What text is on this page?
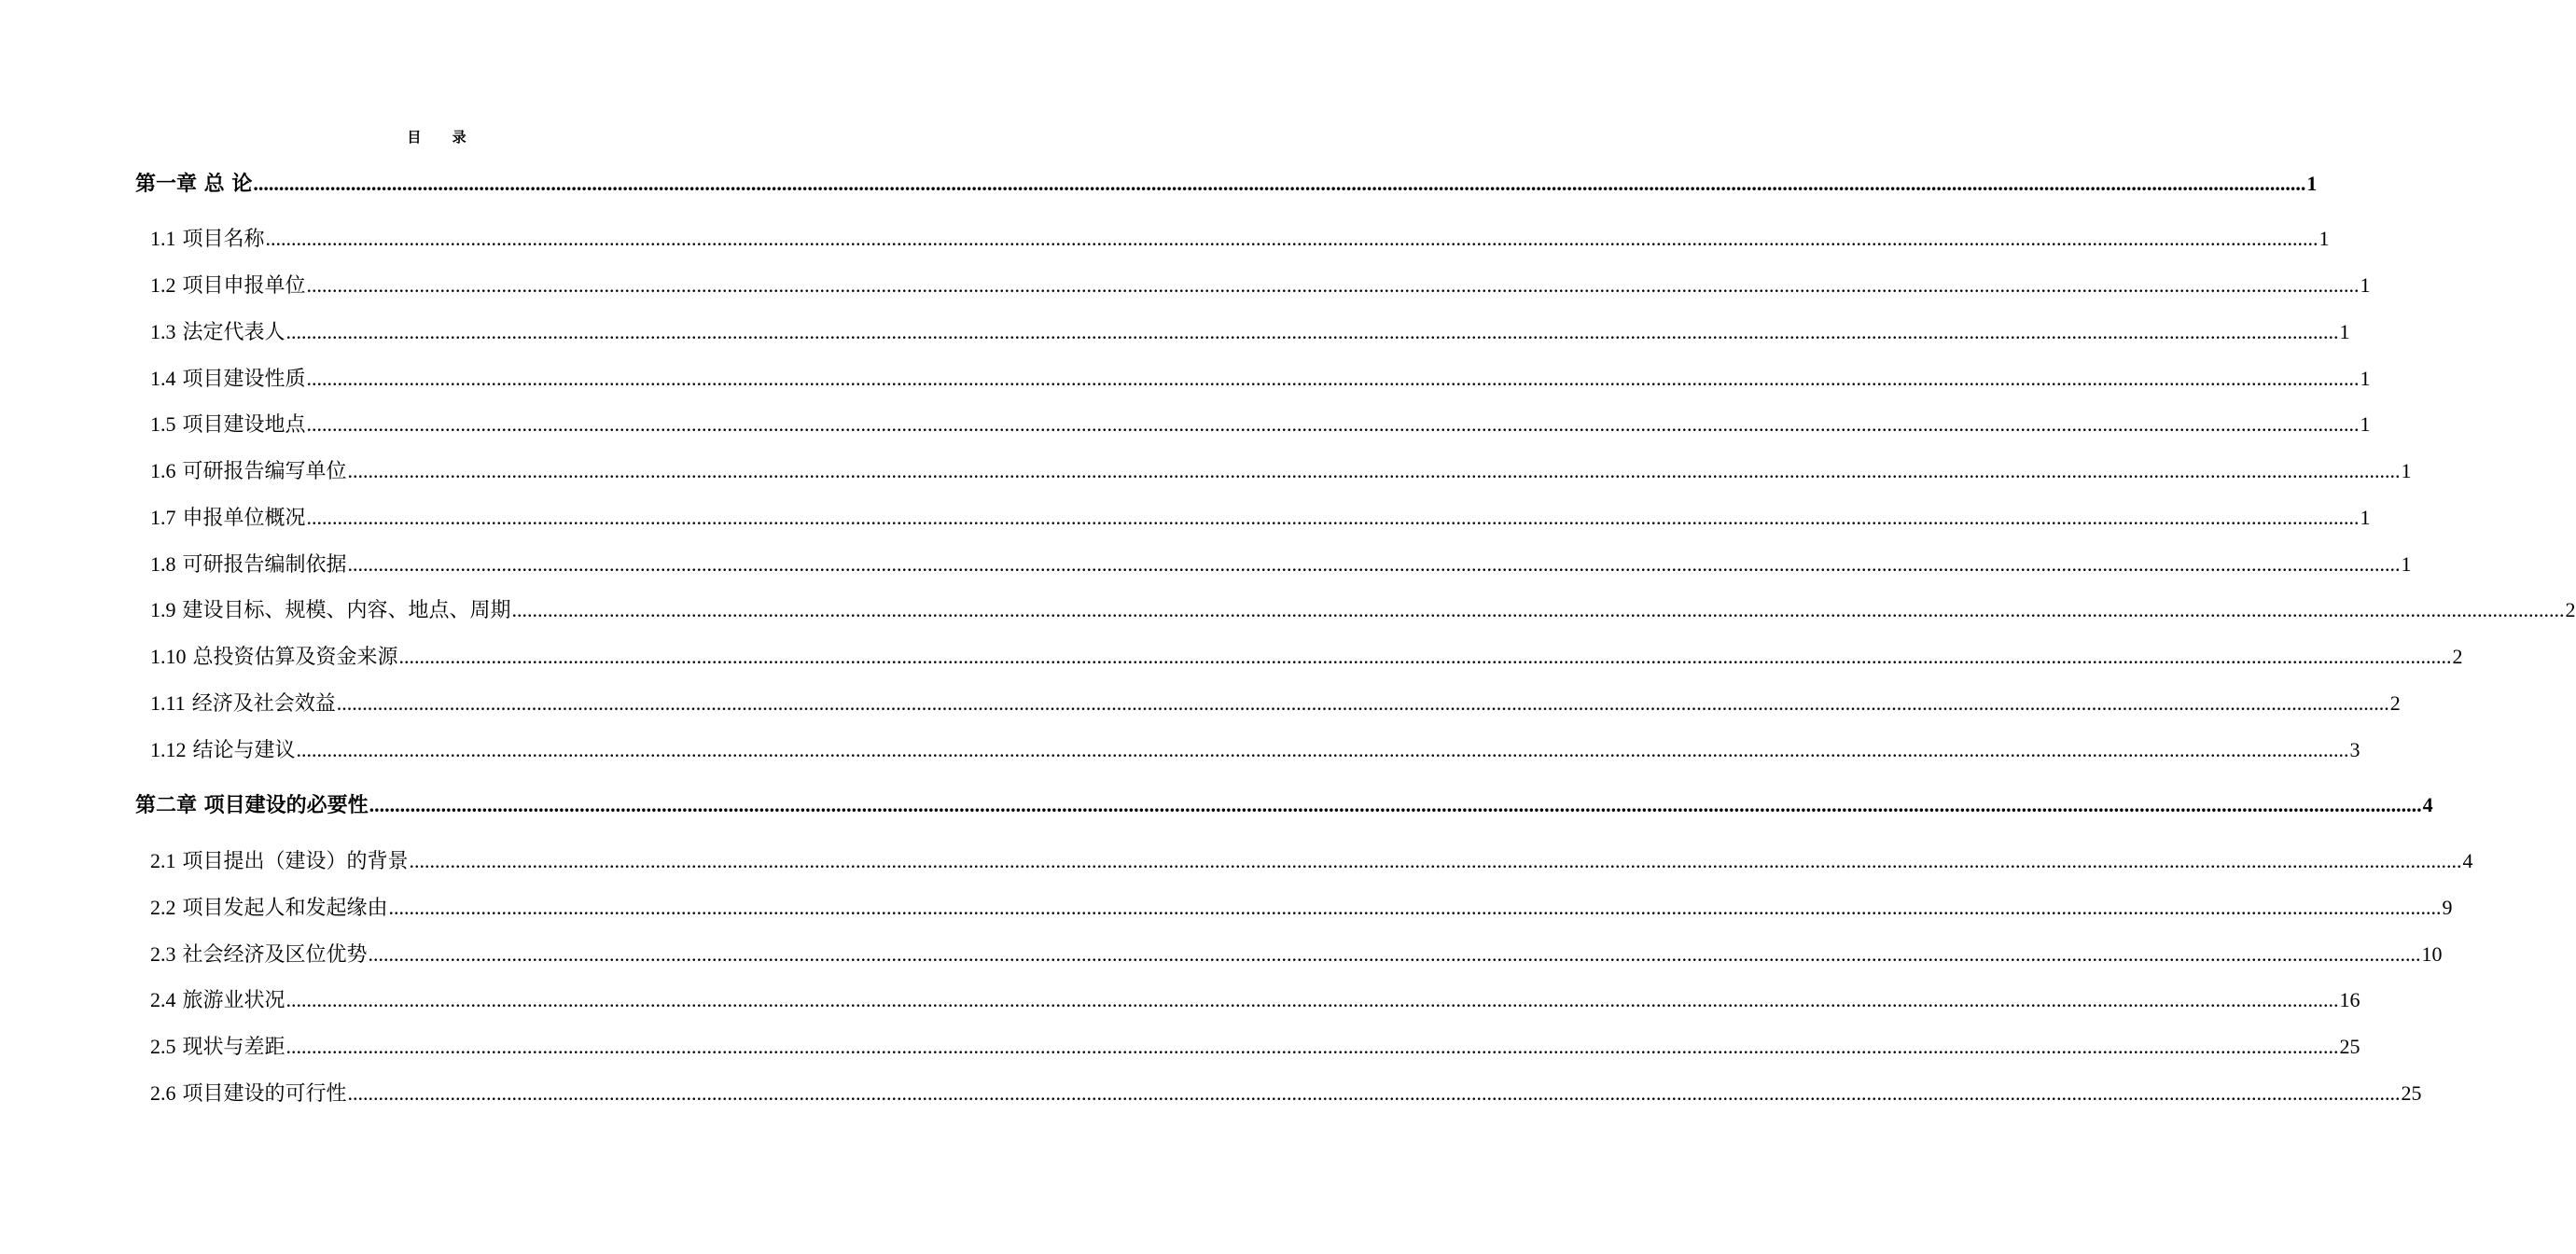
目 录
第一章 总 论 ................................................................................................................................................................................................................................................................................................................................................................................................................ 1
1.1 项目名称 ................................................................................................................................................................................................................................................................................................................................................................................................................ 1
1.2 项目申报单位 ................................................................................................................................................................................................................................................................................................................................................................................................................ 1
1.3 法定代表人 ................................................................................................................................................................................................................................................................................................................................................................................................................ 1
1.4 项目建设性质 ................................................................................................................................................................................................................................................................................................................................................................................................................ 1
1.5 项目建设地点 ................................................................................................................................................................................................................................................................................................................................................................................................................ 1
1.6 可研报告编写单位 ................................................................................................................................................................................................................................................................................................................................................................................................................ 1
1.7 申报单位概况 ................................................................................................................................................................................................................................................................................................................................................................................................................ 1
1.8 可研报告编制依据 ................................................................................................................................................................................................................................................................................................................................................................................................................ 1
1.9 建设目标、规模、内容、地点、周期 ................................................................................................................................................................................................................................................................................................................................................................................................................ 2
1.10 总投资估算及资金来源 ................................................................................................................................................................................................................................................................................................................................................................................................................ 2
1.11 经济及社会效益 ................................................................................................................................................................................................................................................................................................................................................................................................................ 2
1.12 结论与建议 ................................................................................................................................................................................................................................................................................................................................................................................................................ 3
第二章 项目建设的必要性 ................................................................................................................................................................................................................................................................................................................................................................................................................ 4
2.1 项目提出（建设）的背景 ................................................................................................................................................................................................................................................................................................................................................................................................................ 4
2.2 项目发起人和发起缘由 ................................................................................................................................................................................................................................................................................................................................................................................................................ 9
2.3 社会经济及区位优势 ................................................................................................................................................................................................................................................................................................................................................................................................................ 10
2.4 旅游业状况 ................................................................................................................................................................................................................................................................................................................................................................................................................ 16
2.5 现状与差距 ................................................................................................................................................................................................................................................................................................................................................................................................................ 25
2.6 项目建设的可行性 ................................................................................................................................................................................................................................................................................................................................................................................................................ 25
